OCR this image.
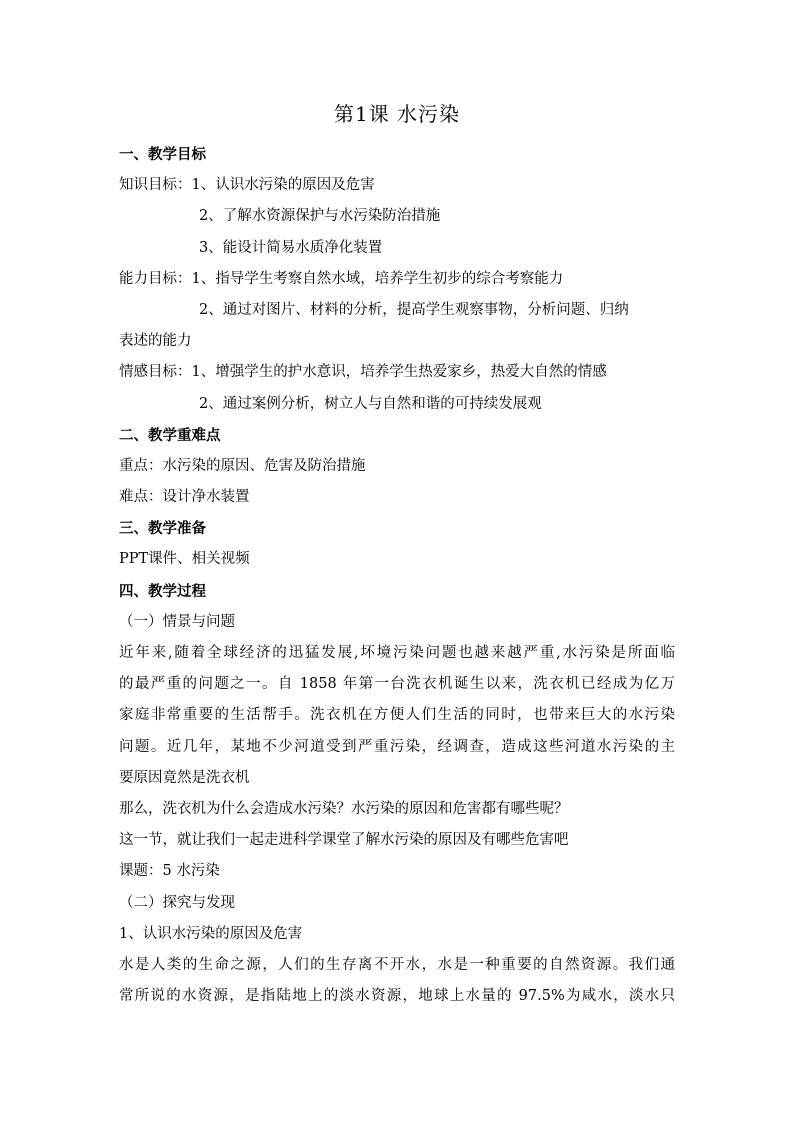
第1课 水污染
一、教学目标
知识目标：1、认识水污染的原因及危害
2、了解水资源保护与水污染防治措施
3、能设计简易水质净化装置
能力目标：1、指导学生考察自然水域，培养学生初步的综合考察能力
2、通过对图片、材料的分析，提高学生观察事物，分析问题、归纳
表述的能力
情感目标：1、增强学生的护水意识，培养学生热爱家乡，热爱大自然的情感
2、通过案例分析，树立人与自然和谐的可持续发展观
二、教学重难点
重点：水污染的原因、危害及防治措施
难点：设计净水装置
三、教学准备
PPT课件、相关视频
四、教学过程
（一）情景与问题
近年来,随着全球经济的迅猛发展,坏境污染问题也越来越严重,水污染是所面临
的最严重的问题之一。自 1858 年第一台洗衣机诞生以来，洗衣机已经成为亿万
家庭非常重要的生活帮手。洗衣机在方便人们生活的同时，也带来巨大的水污染
问题。近几年，某地不少河道受到严重污染，经调查，造成这些河道水污染的主
要原因竟然是洗衣机
那么，洗衣机为什么会造成水污染？水污染的原因和危害都有哪些呢？
这一节，就让我们一起走进科学课堂了解水污染的原因及有哪些危害吧
课题：5 水污染
（二）探究与发现
1、认识水污染的原因及危害
水是人类的生命之源，人们的生存离不开水，水是一种重要的自然资源。我们通
常所说的水资源，是指陆地上的淡水资源，地球上水量的 97.5%为咸水，淡水只
